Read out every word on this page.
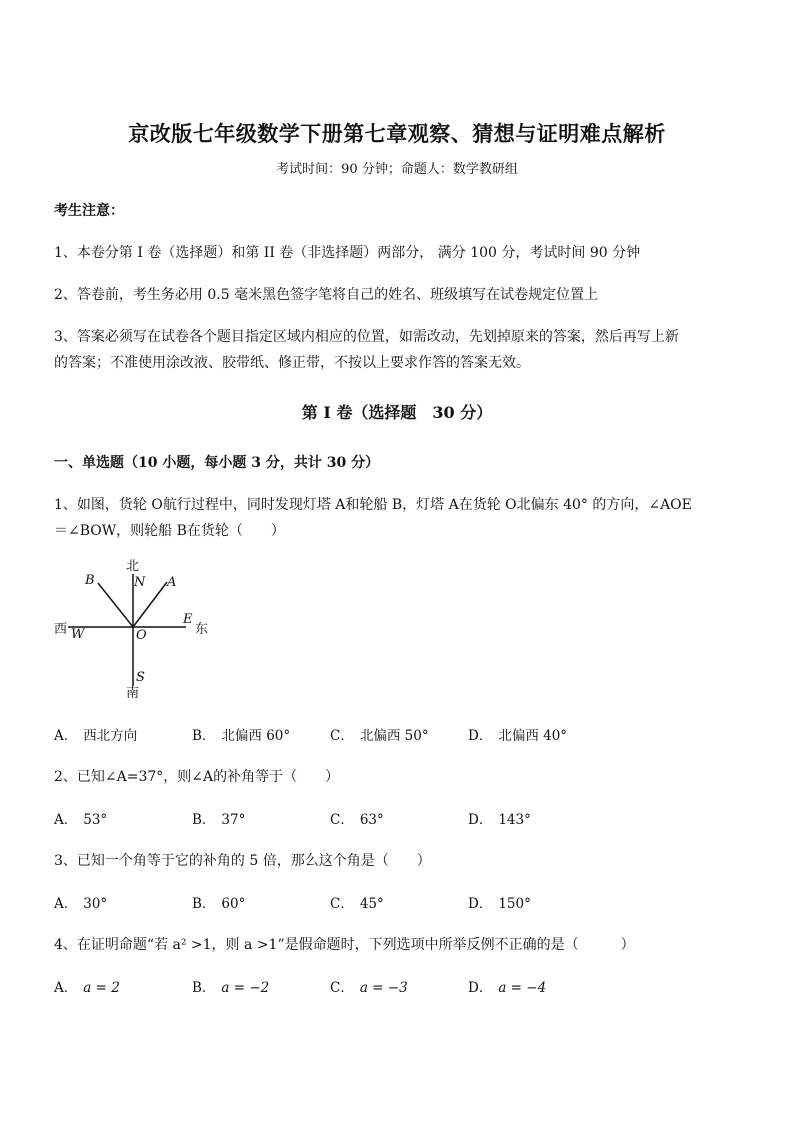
京改版七年级数学下册第七章观察、猜想与证明难点解析
考试时间：90 分钟；命题人：数学教研组
考生注意：
1、本卷分第 I 卷（选择题）和第 II 卷（非选择题）两部分， 满分 100 分，考试时间 90 分钟
2、答卷前，考生务必用 0.5 毫米黑色签字笔将自己的姓名、班级填写在试卷规定位置上
3、答案必须写在试卷各个题目指定区域内相应的位置，如需改动，先划掉原来的答案，然后再写上新
的答案；不准使用涂改液、胶带纸、修正带，不按以上要求作答的答案无效。
第 I 卷（选择题　30 分）
一、单选题（10 小题，每小题 3 分，共计 30 分）
1、如图，货轮 O航行过程中，同时发现灯塔 A和轮船 B，灯塔 A在货轮 O北偏东 40° 的方向，∠AOE
＝∠BOW，则轮船 B在货轮（　　）
北
N
B	A
西 W	O
E
东
S
南
A． 西北方向	B． 北偏西 60°	C． 北偏西 50°	D． 北偏西 40°
2、已知∠A=37°，则∠A的补角等于（　　）
A． 53°	B． 37°	C． 63°	D． 143°
3、已知一个角等于它的补角的 5 倍，那么这个角是（　　）
A． 30°	B． 60°	C． 45°	D． 150°
4、在证明命题“若 a² >1，则 a >1”是假命题时，下列选项中所举反例不正确的是（　　　）
A． a = 2	B． a = −2	C． a = −3	D． a = −4
